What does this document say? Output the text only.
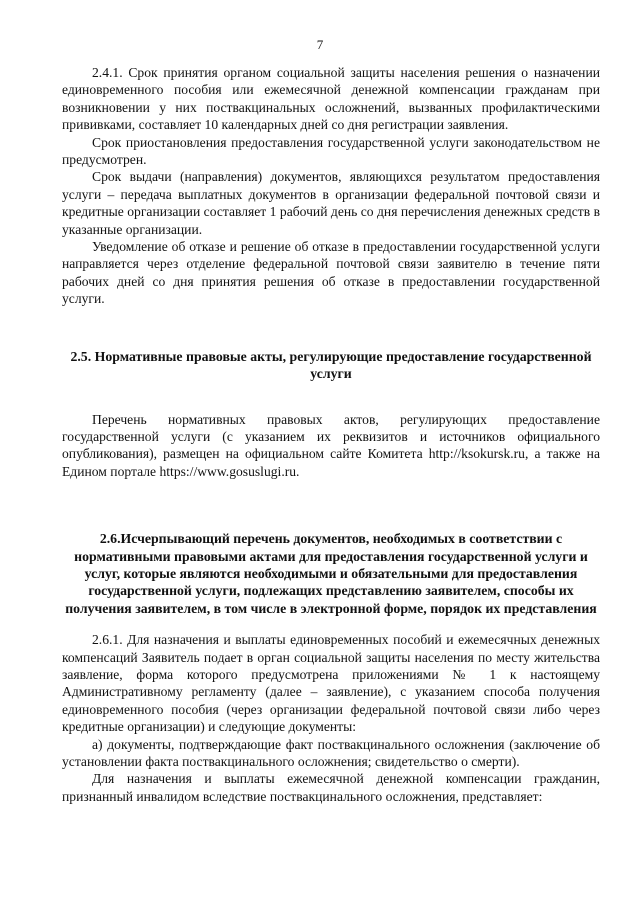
7

2.4.1. Срок принятия органом социальной защиты населения решения о назначении единовременного пособия или ежемесячной денежной компенсации гражданам при возникновении у них поствакцинальных осложнений, вызванных профилактическими прививками, составляет 10 календарных дней со дня регистрации заявления.

Срок приостановления предоставления государственной услуги законодательством не предусмотрен.

Срок выдачи (направления) документов, являющихся результатом предоставления услуги – передача выплатных документов в организации федеральной почтовой связи и кредитные организации составляет 1 рабочий день со дня перечисления денежных средств в указанные организации.

Уведомление об отказе и решение об отказе в предоставлении государственной услуги направляется через отделение федеральной почтовой связи заявителю в течение пяти рабочих дней со дня принятия решения об отказе в предоставлении государственной услуги.

2.5. Нормативные правовые акты, регулирующие предоставление государственной услуги

Перечень нормативных правовых актов, регулирующих предоставление государственной услуги (с указанием их реквизитов и источников официального опубликования), размещен на официальном сайте Комитета http://ksokursk.ru, а также на Едином портале https://www.gosuslugi.ru.

2.6.Исчерпывающий перечень документов, необходимых в соответствии с нормативными правовыми актами для предоставления государственной услуги и услуг, которые являются необходимыми и обязательными для предоставления государственной услуги, подлежащих представлению заявителем, способы их получения заявителем, в том числе в электронной форме, порядок их представления

2.6.1. Для назначения и выплаты единовременных пособий и ежемесячных денежных компенсаций Заявитель подает в орган социальной защиты населения по месту жительства заявление, форма которого предусмотрена приложениями № 1 к настоящему Административному регламенту (далее – заявление), с указанием способа получения единовременного пособия (через организации федеральной почтовой связи либо через кредитные организации) и следующие документы:

а) документы, подтверждающие факт поствакцинального осложнения (заключение об установлении факта поствакцинального осложнения; свидетельство о смерти).

Для назначения и выплаты ежемесячной денежной компенсации гражданин, признанный инвалидом вследствие поствакцинального осложнения, представляет:
